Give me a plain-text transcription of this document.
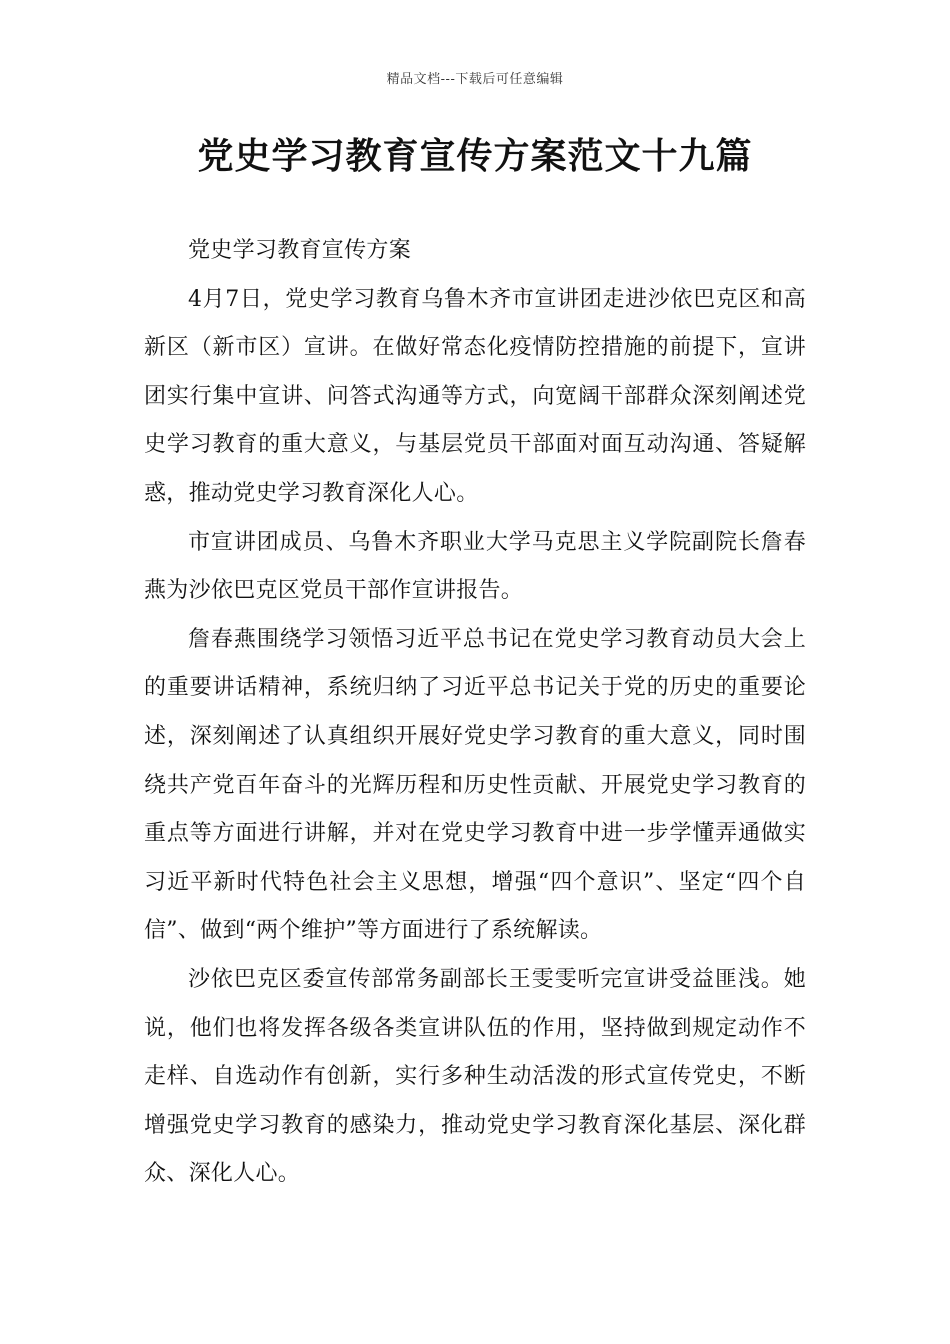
精品文档---下载后可任意编辑
党史学习教育宣传方案范文十九篇

党史学习教育宣传方案

4月7日，党史学习教育乌鲁木齐市宣讲团走进沙依巴克区和高新区（新市区）宣讲。在做好常态化疫情防控措施的前提下，宣讲团实行集中宣讲、问答式沟通等方式，向宽阔干部群众深刻阐述党史学习教育的重大意义，与基层党员干部面对面互动沟通、答疑解惑，推动党史学习教育深化人心。

市宣讲团成员、乌鲁木齐职业大学马克思主义学院副院长詹春燕为沙依巴克区党员干部作宣讲报告。

詹春燕围绕学习领悟习近平总书记在党史学习教育动员大会上的重要讲话精神，系统归纳了习近平总书记关于党的历史的重要论述，深刻阐述了认真组织开展好党史学习教育的重大意义，同时围绕共产党百年奋斗的光辉历程和历史性贡献、开展党史学习教育的重点等方面进行讲解，并对在党史学习教育中进一步学懂弄通做实习近平新时代特色社会主义思想，增强“四个意识”、坚定“四个自信”、做到“两个维护”等方面进行了系统解读。

沙依巴克区委宣传部常务副部长王雯雯听完宣讲受益匪浅。她说，他们也将发挥各级各类宣讲队伍的作用，坚持做到规定动作不走样、自选动作有创新，实行多种生动活泼的形式宣传党史，不断增强党史学习教育的感染力，推动党史学习教育深化基层、深化群众、深化人心。
